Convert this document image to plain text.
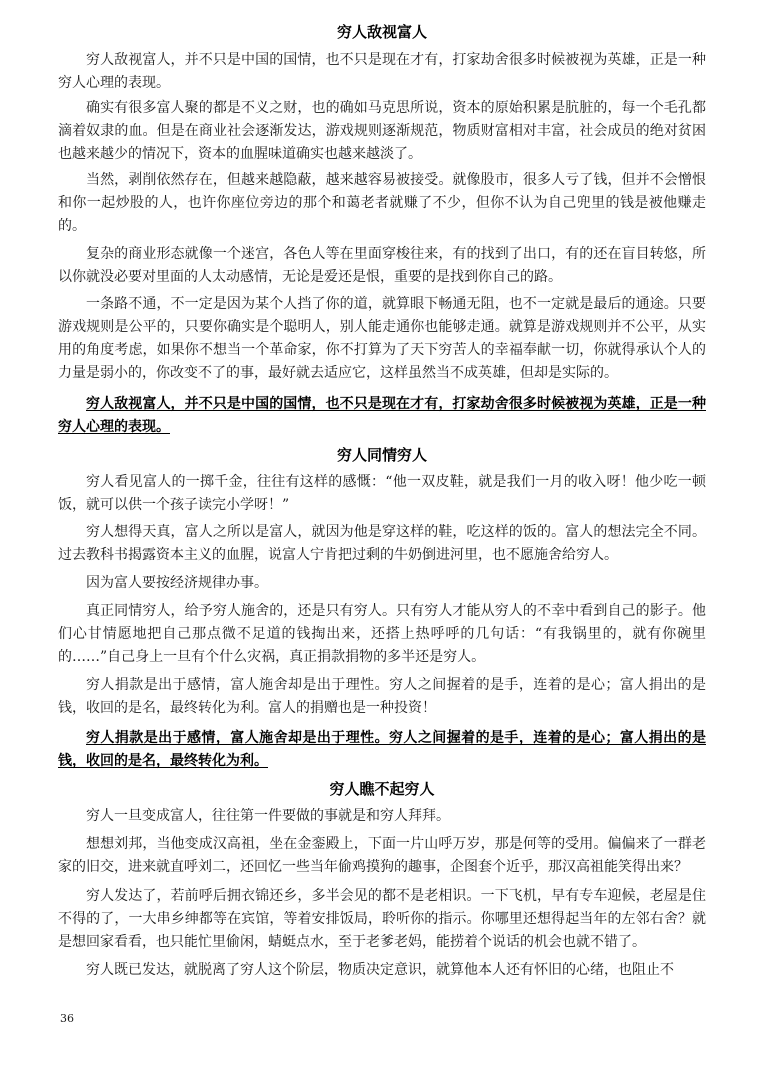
穷人敌视富人

穷人敌视富人，并不只是中国的国情，也不只是现在才有，打家劫舍很多时候被视为英雄，正是一种穷人心理的表现。

确实有很多富人聚的都是不义之财，也的确如马克思所说，资本的原始积累是肮脏的，每一个毛孔都滴着奴隶的血。但是在商业社会逐渐发达，游戏规则逐渐规范，物质财富相对丰富，社会成员的绝对贫困也越来越少的情况下，资本的血腥味道确实也越来越淡了。

当然，剥削依然存在，但越来越隐蔽，越来越容易被接受。就像股市，很多人亏了钱，但并不会憎恨和你一起炒股的人，也许你座位旁边的那个和蔼老者就赚了不少，但你不认为自己兜里的钱是被他赚走的。

复杂的商业形态就像一个迷宫，各色人等在里面穿梭往来，有的找到了出口，有的还在盲目转悠，所以你就没必要对里面的人太动感情，无论是爱还是恨，重要的是找到你自己的路。

一条路不通，不一定是因为某个人挡了你的道，就算眼下畅通无阻，也不一定就是最后的通途。只要游戏规则是公平的，只要你确实是个聪明人，别人能走通你也能够走通。就算是游戏规则并不公平，从实用的角度考虑，如果你不想当一个革命家，你不打算为了天下穷苦人的幸福奉献一切，你就得承认个人的力量是弱小的，你改变不了的事，最好就去适应它，这样虽然当不成英雄，但却是实际的。

穷人敌视富人，并不只是中国的国情，也不只是现在才有，打家劫舍很多时候被视为英雄，正是一种穷人心理的表现。

穷人同情穷人

穷人看见富人的一掷千金，往往有这样的感慨：“他一双皮鞋，就是我们一月的收入呀！他少吃一顿饭，就可以供一个孩子读完小学呀！”

穷人想得天真，富人之所以是富人，就因为他是穿这样的鞋，吃这样的饭的。富人的想法完全不同。过去教科书揭露资本主义的血腥，说富人宁肯把过剩的牛奶倒进河里，也不愿施舍给穷人。

因为富人要按经济规律办事。

真正同情穷人，给予穷人施舍的，还是只有穷人。只有穷人才能从穷人的不幸中看到自己的影子。他们心甘情愿地把自己那点微不足道的钱掏出来，还搭上热呼呼的几句话：“有我锅里的，就有你碗里的……”自己身上一旦有个什么灾祸，真正捐款捐物的多半还是穷人。

穷人捐款是出于感情，富人施舍却是出于理性。穷人之间握着的是手，连着的是心；富人捐出的是钱，收回的是名，最终转化为利。富人的捐赠也是一种投资！

穷人捐款是出于感情，富人施舍却是出于理性。穷人之间握着的是手，连着的是心；富人捐出的是钱，收回的是名，最终转化为利。

穷人瞧不起穷人

穷人一旦变成富人，往往第一件要做的事就是和穷人拜拜。

想想刘邦，当他变成汉高祖，坐在金銮殿上，下面一片山呼万岁，那是何等的受用。偏偏来了一群老家的旧交，进来就直呼刘二，还回忆一些当年偷鸡摸狗的趣事，企图套个近乎，那汉高祖能笑得出来？

穷人发达了，若前呼后拥衣锦还乡，多半会见的都不是老相识。一下飞机，早有专车迎候，老屋是住不得的了，一大串乡绅都等在宾馆，等着安排饭局，聆听你的指示。你哪里还想得起当年的左邻右舍？就是想回家看看，也只能忙里偷闲，蜻蜓点水，至于老爹老妈，能捞着个说话的机会也就不错了。

穷人既已发达，就脱离了穷人这个阶层，物质决定意识，就算他本人还有怀旧的心绪，也阻止不

36
